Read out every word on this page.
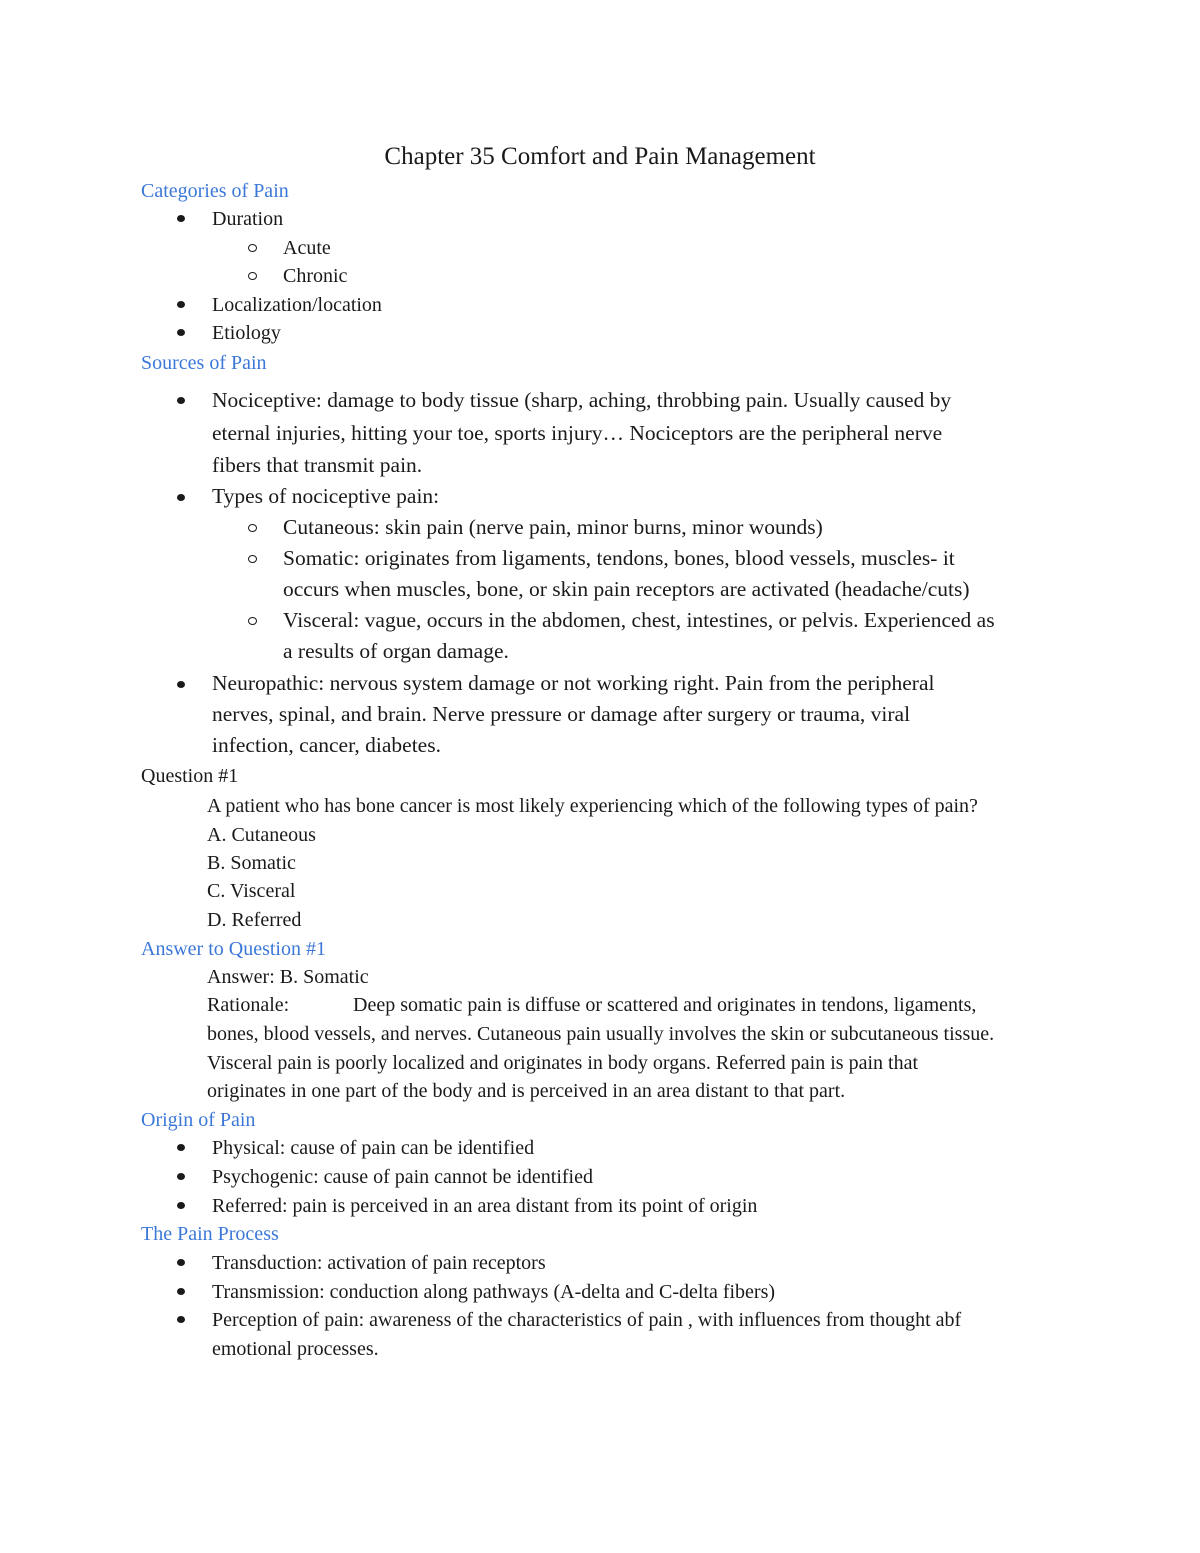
Chapter 35 Comfort and Pain Management
Categories of Pain
Duration
Acute
Chronic
Localization/location
Etiology
Sources of Pain
Nociceptive: damage to body tissue (sharp, aching, throbbing pain. Usually caused by
eternal injuries, hitting your toe, sports injury… Nociceptors are the peripheral nerve
fibers that transmit pain.
Types of nociceptive pain:
Cutaneous: skin pain (nerve pain, minor burns, minor wounds)
Somatic: originates from ligaments, tendons, bones, blood vessels, muscles- it
occurs when muscles, bone, or skin pain receptors are activated (headache/cuts)
Visceral: vague, occurs in the abdomen, chest, intestines, or pelvis. Experienced as
a results of organ damage.
Neuropathic: nervous system damage or not working right. Pain from the peripheral
nerves, spinal, and brain. Nerve pressure or damage after surgery or trauma, viral
infection, cancer, diabetes.
Question #1
A patient who has bone cancer is most likely experiencing which of the following types of pain?
A. Cutaneous
B. Somatic
C. Visceral
D. Referred
Answer to Question #1
Answer: B. Somatic
Rationale:	Deep somatic pain is diffuse or scattered and originates in tendons, ligaments,
bones, blood vessels, and nerves. Cutaneous pain usually involves the skin or subcutaneous tissue.
Visceral pain is poorly localized and originates in body organs. Referred pain is pain that
originates in one part of the body and is perceived in an area distant to that part.
Origin of Pain
Physical: cause of pain can be identified
Psychogenic: cause of pain cannot be identified
Referred: pain is perceived in an area distant from its point of origin
The Pain Process
Transduction: activation of pain receptors
Transmission: conduction along pathways (A-delta and C-delta fibers)
Perception of pain: awareness of the characteristics of pain , with influences from thought abf
emotional processes.
